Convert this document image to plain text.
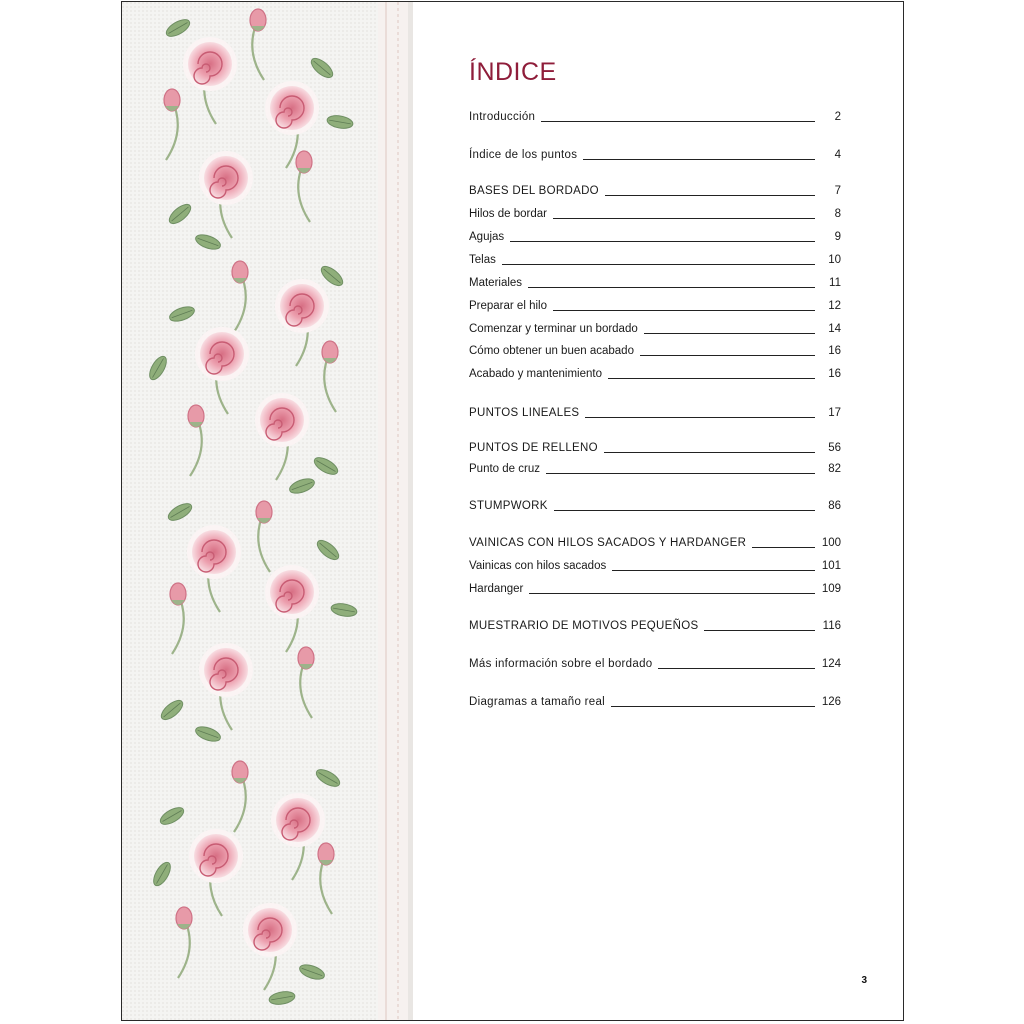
ÍNDICE
Introducción	2
Índice de los puntos	4
BASES DEL BORDADO	7
Hilos de bordar	8
Agujas	9
Telas	10
Materiales	11
Preparar el hilo	12
Comenzar y terminar un bordado	14
Cómo obtener un buen acabado	16
Acabado y mantenimiento	16
PUNTOS LINEALES	17
PUNTOS DE RELLENO	56
Punto de cruz	82
STUMPWORK	86
VAINICAS CON HILOS SACADOS Y HARDANGER	100
Vainicas con hilos sacados	101
Hardanger	109
MUESTRARIO DE MOTIVOS PEQUEÑOS	116
Más información sobre el bordado	124
Diagramas a tamaño real	126
3
